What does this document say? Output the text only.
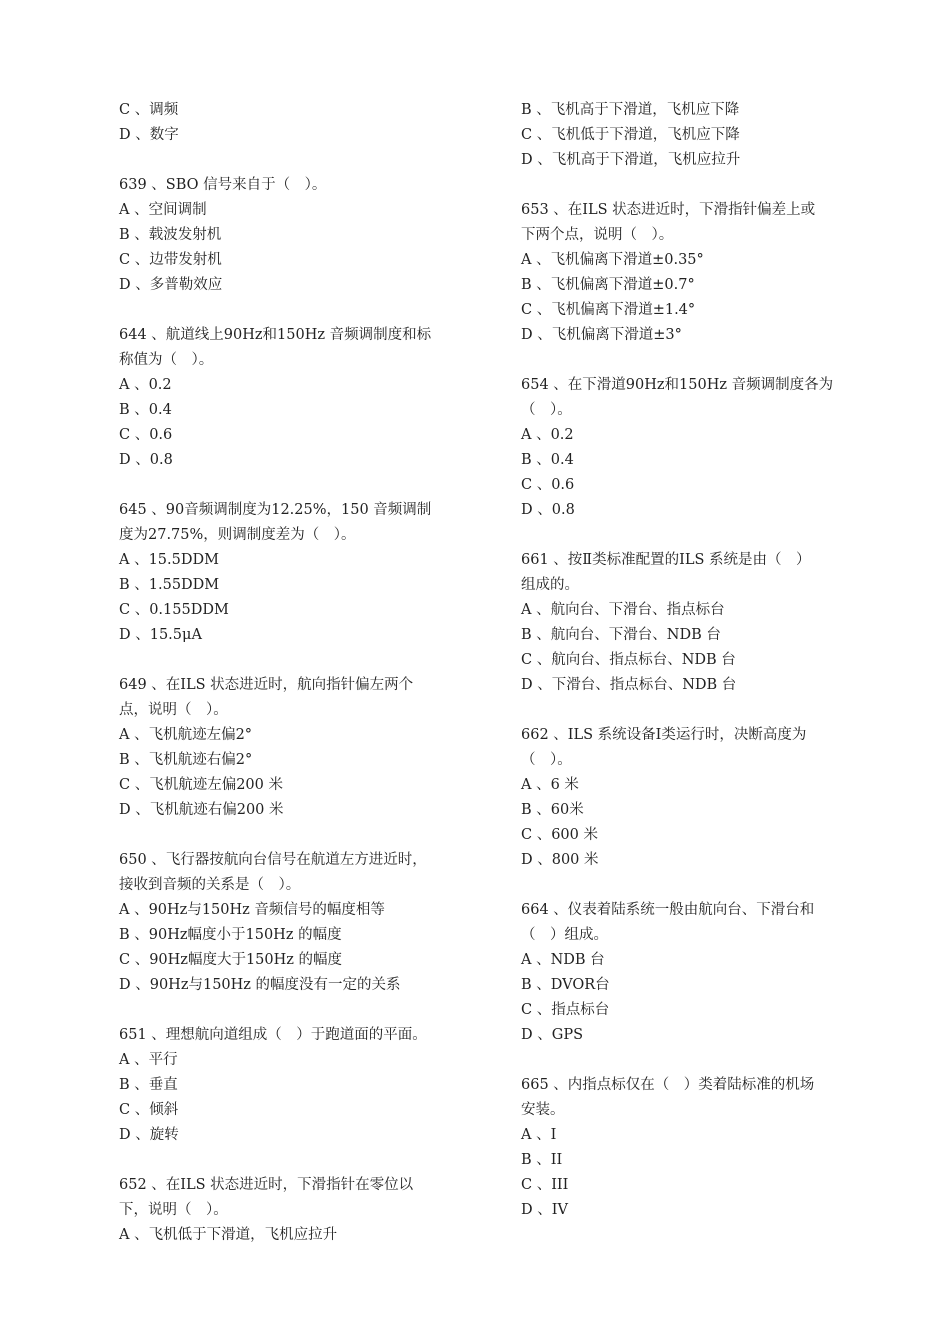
C 、调频
D 、数字
639 、SBO 信号来自于（　）。
A 、空间调制
B 、载波发射机
C 、边带发射机
D 、多普勒效应
644 、航道线上90Hz和150Hz 音频调制度和标
称值为（　）。
A 、0.2
B 、0.4
C 、0.6
D 、0.8
645 、90音频调制度为12.25%，150 音频调制
度为27.75%，则调制度差为（　）。
A 、15.5DDM
B 、1.55DDM
C 、0.155DDM
D 、15.5μA
649 、在ILS 状态进近时，航向指针偏左两个
点，说明（　）。
A 、飞机航迹左偏2°
B 、飞机航迹右偏2°
C 、飞机航迹左偏200 米
D 、飞机航迹右偏200 米
650 、飞行器按航向台信号在航道左方进近时，
接收到音频的关系是（　）。
A 、90Hz与150Hz 音频信号的幅度相等
B 、90Hz幅度小于150Hz 的幅度
C 、90Hz幅度大于150Hz 的幅度
D 、90Hz与150Hz 的幅度没有一定的关系
651 、理想航向道组成（　）于跑道面的平面。
A 、平行
B 、垂直
C 、倾斜
D 、旋转
652 、在ILS 状态进近时，下滑指针在零位以
下，说明（　）。
A 、飞机低于下滑道，飞机应拉升
B 、飞机高于下滑道，飞机应下降
C 、飞机低于下滑道，飞机应下降
D 、飞机高于下滑道，飞机应拉升
653 、在ILS 状态进近时，下滑指针偏差上或
下两个点，说明（　）。
A 、飞机偏离下滑道±0.35°
B 、飞机偏离下滑道±0.7°
C 、飞机偏离下滑道±1.4°
D 、飞机偏离下滑道±3°
654 、在下滑道90Hz和150Hz 音频调制度各为
（　）。
A 、0.2
B 、0.4
C 、0.6
D 、0.8
661 、按Ⅱ类标准配置的ILS 系统是由（　）
组成的。
A 、航向台、下滑台、指点标台
B 、航向台、下滑台、NDB 台
C 、航向台、指点标台、NDB 台
D 、下滑台、指点标台、NDB 台
662 、ILS 系统设备Ⅰ类运行时，决断高度为
（　）。
A 、6 米
B 、60米
C 、600 米
D 、800 米
664 、仪表着陆系统一般由航向台、下滑台和
（　）组成。
A 、NDB 台
B 、DVOR台
C 、指点标台
D 、GPS
665 、内指点标仅在（　）类着陆标准的机场
安装。
A 、I
B 、II
C 、III
D 、IV
